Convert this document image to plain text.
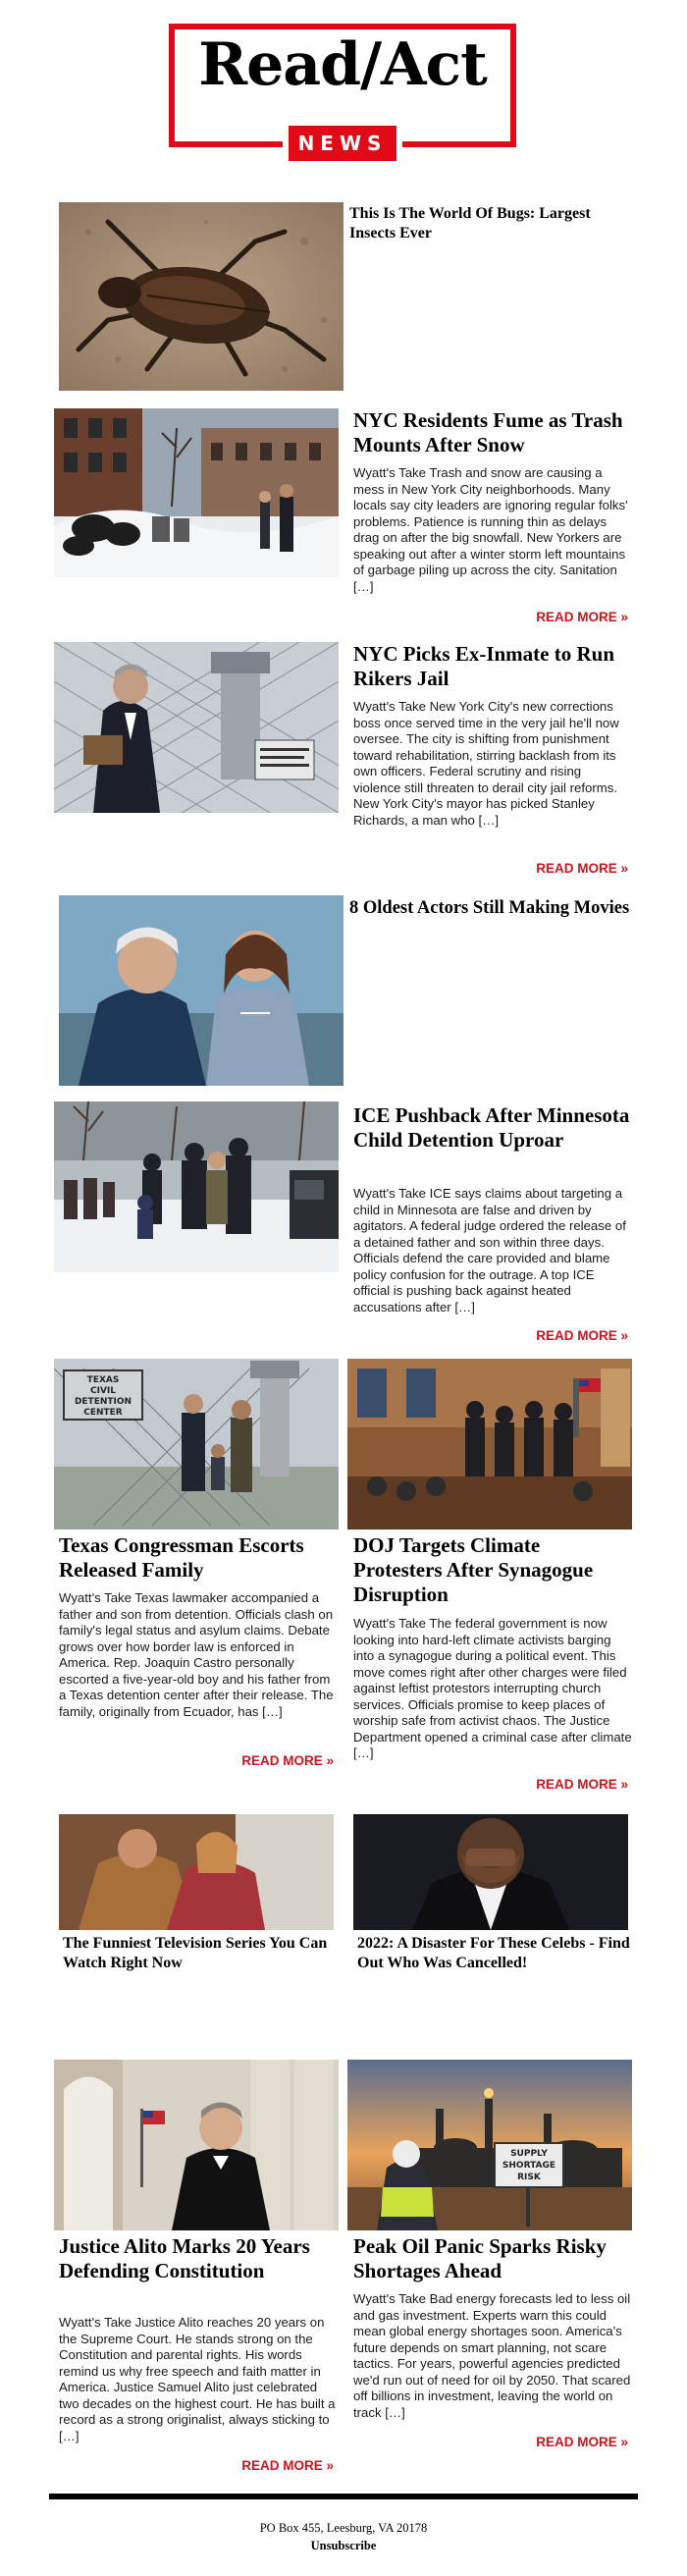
Read/Act
NEWS
This Is The World Of Bugs: Largest Insects Ever
NYC Residents Fume as Trash Mounts After Snow
Wyatt's Take Trash and snow are causing a mess in New York City neighborhoods. Many locals say city leaders are ignoring regular folks' problems. Patience is running thin as delays drag on after the big snowfall. New Yorkers are speaking out after a winter storm left mountains of garbage piling up across the city. Sanitation […]
READ MORE »
NYC Picks Ex-Inmate to Run Rikers Jail
Wyatt's Take New York City's new corrections boss once served time in the very jail he'll now oversee. The city is shifting from punishment toward rehabilitation, stirring backlash from its own officers. Federal scrutiny and rising violence still threaten to derail city jail reforms. New York City's mayor has picked Stanley Richards, a man who […]
READ MORE »
8 Oldest Actors Still Making Movies
ICE Pushback After Minnesota Child Detention Uproar
Wyatt's Take ICE says claims about targeting a child in Minnesota are false and driven by agitators. A federal judge ordered the release of a detained father and son within three days. Officials defend the care provided and blame policy confusion for the outrage. A top ICE official is pushing back against heated accusations after […]
READ MORE »
TEXAS
CIVIL
DETENTION
CENTER
Texas Congressman Escorts Released Family
Wyatt's Take Texas lawmaker accompanied a father and son from detention. Officials clash on family's legal status and asylum claims. Debate grows over how border law is enforced in America. Rep. Joaquin Castro personally escorted a five-year-old boy and his father from a Texas detention center after their release. The family, originally from Ecuador, has […]
READ MORE »
DOJ Targets Climate Protesters After Synagogue Disruption
Wyatt's Take The federal government is now looking into hard-left climate activists barging into a synagogue during a political event. This move comes right after other charges were filed against leftist protestors interrupting church services. Officials promise to keep places of worship safe from activist chaos. The Justice Department opened a criminal case after climate […]
READ MORE »
The Funniest Television Series You Can Watch Right Now
2022: A Disaster For These Celebs - Find Out Who Was Cancelled!
Justice Alito Marks 20 Years Defending Constitution
Wyatt's Take Justice Alito reaches 20 years on the Supreme Court. He stands strong on the Constitution and parental rights. His words remind us why free speech and faith matter in America. Justice Samuel Alito just celebrated two decades on the highest court. He has built a record as a strong originalist, always sticking to […]
READ MORE »
SUPPLY
SHORTAGE
RISK
Peak Oil Panic Sparks Risky Shortages Ahead
Wyatt's Take Bad energy forecasts led to less oil and gas investment. Experts warn this could mean global energy shortages soon. America's future depends on smart planning, not scare tactics. For years, powerful agencies predicted we'd run out of need for oil by 2050. That scared off billions in investment, leaving the world on track […]
READ MORE »
PO Box 455, Leesburg, VA 20178
Unsubscribe
